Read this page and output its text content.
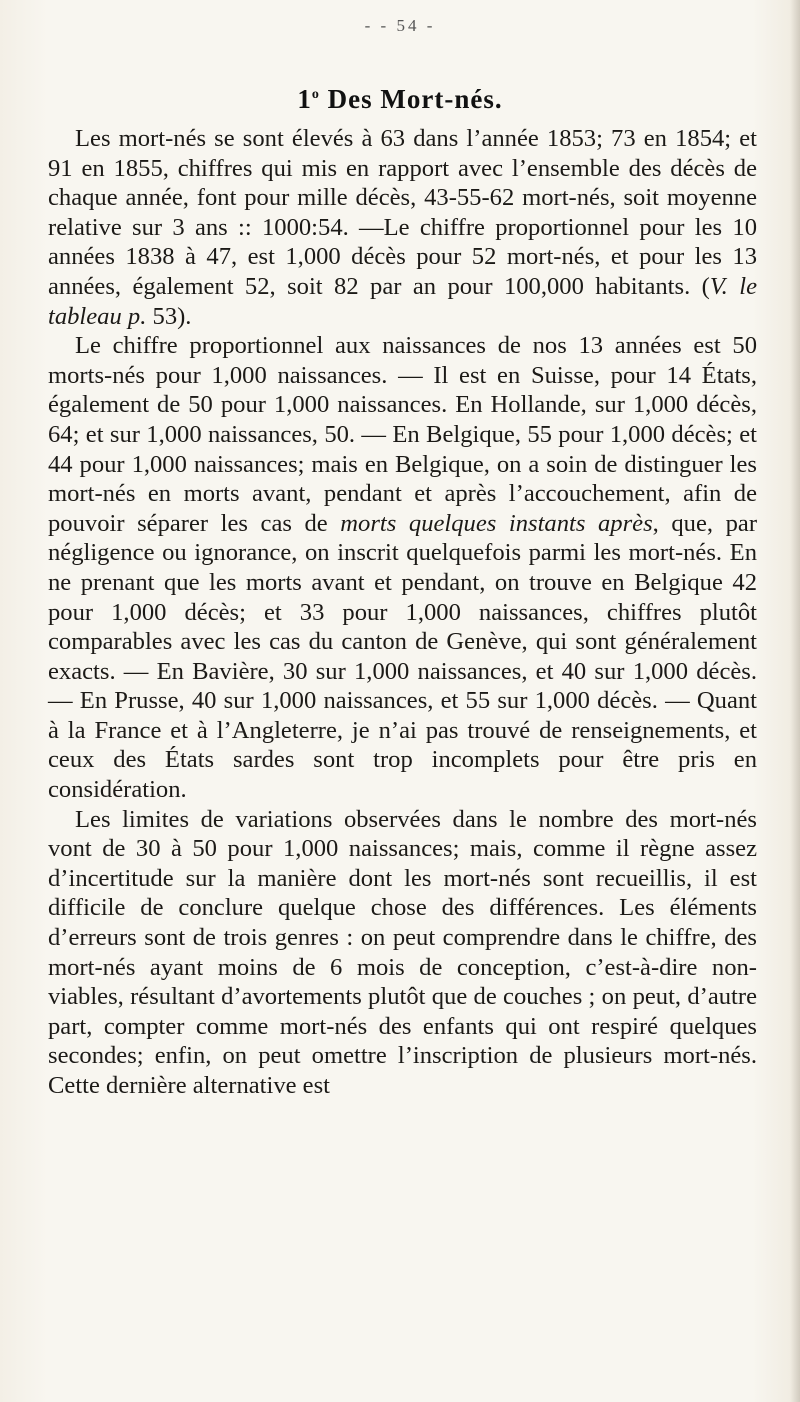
- - 54 -
1$^o$ Des Mort-nés.

Les mort-nés se sont élevés à 63 dans l’année 1853; 73 en 1854; et 91 en 1855, chiffres qui mis en rapport avec l’ensemble des décès de chaque année, font pour mille décès, 43-55-62 mort-nés, soit moyenne relative sur 3 ans :: 1000:54. —Le chiffre proportionnel pour les 10 années 1838 à 47, est 1,000 décès pour 52 mort-nés, et pour les 13 années, également 52, soit 82 par an pour 100,000 habitants. (V. le tableau p. 53).

Le chiffre proportionnel aux naissances de nos 13 années est 50 morts-nés pour 1,000 naissances. — Il est en Suisse, pour 14 États, également de 50 pour 1,000 naissances. En Hollande, sur 1,000 décès, 64; et sur 1,000 naissances, 50. — En Belgique, 55 pour 1,000 décès; et 44 pour 1,000 naissances; mais en Belgique, on a soin de distinguer les mort-nés en morts avant, pendant et après l’accouchement, afin de pouvoir séparer les cas de morts quelques instants après, que, par négligence ou ignorance, on inscrit quelquefois parmi les mort-nés. En ne prenant que les morts avant et pendant, on trouve en Belgique 42 pour 1,000 décès; et 33 pour 1,000 naissances, chiffres plutôt comparables avec les cas du canton de Genève, qui sont généralement exacts. — En Bavière, 30 sur 1,000 naissances, et 40 sur 1,000 décès. — En Prusse, 40 sur 1,000 naissances, et 55 sur 1,000 décès. — Quant à la France et à l’Angleterre, je n’ai pas trouvé de renseignements, et ceux des États sardes sont trop incomplets pour être pris en considération.

Les limites de variations observées dans le nombre des mort-nés vont de 30 à 50 pour 1,000 naissances; mais, comme il règne assez d’incertitude sur la manière dont les mort-nés sont recueillis, il est difficile de conclure quelque chose des différences. Les éléments d’erreurs sont de trois genres : on peut comprendre dans le chiffre, des mort-nés ayant moins de 6 mois de conception, c’est-à-dire non-viables, résultant d’avortements plutôt que de couches ; on peut, d’autre part, compter comme mort-nés des enfants qui ont respiré quelques secondes; enfin, on peut omettre l’inscription de plusieurs mort-nés. Cette dernière alternative est
